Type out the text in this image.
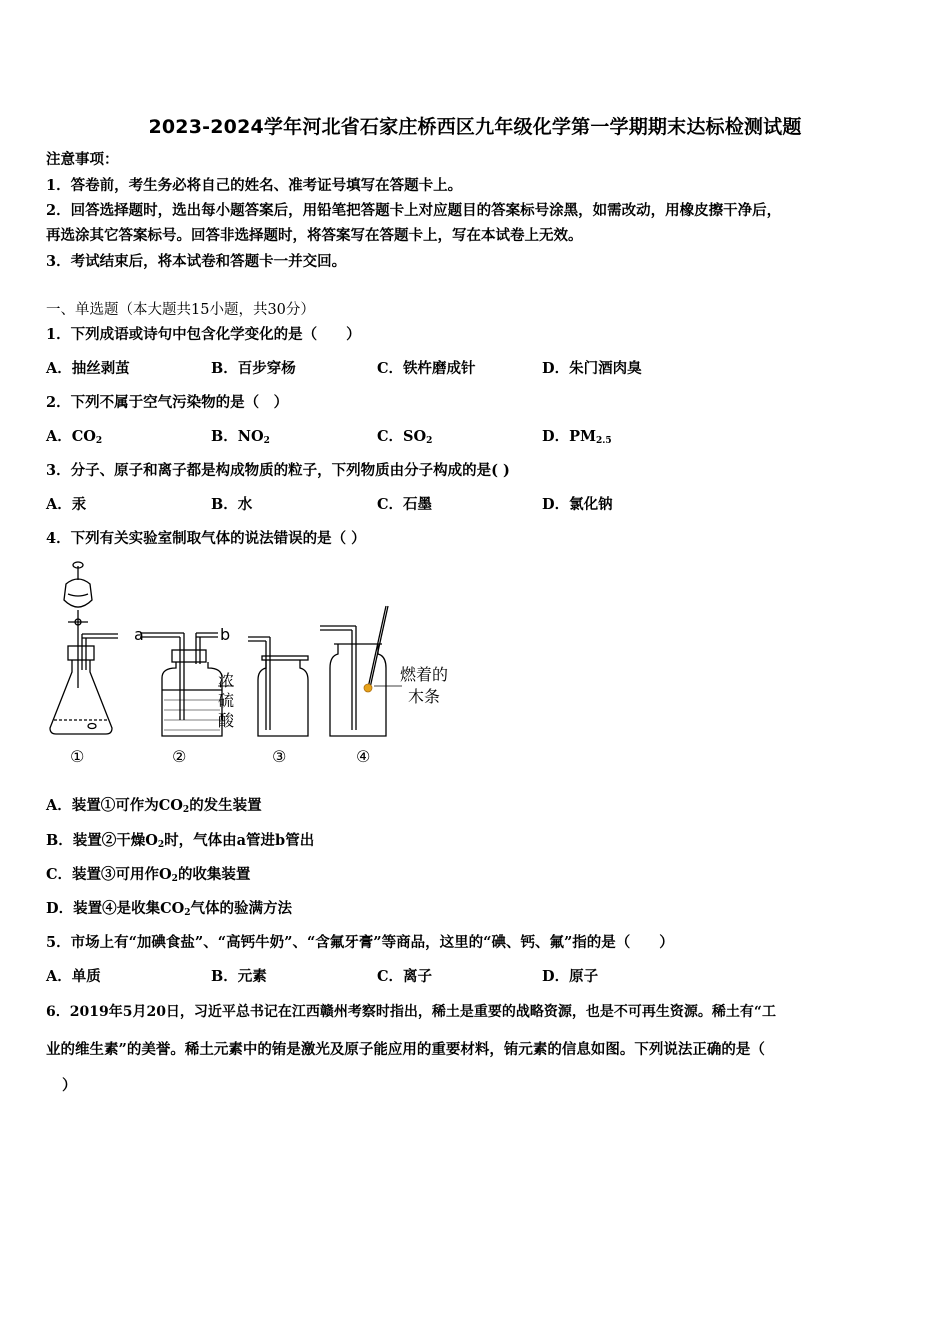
2023-2024学年河北省石家庄桥西区九年级化学第一学期期末达标检测试题
注意事项：
1．答卷前，考生务必将自己的姓名、准考证号填写在答题卡上。
2．回答选择题时，选出每小题答案后，用铅笔把答题卡上对应题目的答案标号涂黑，如需改动，用橡皮擦干净后，
再选涂其它答案标号。回答非选择题时，将答案写在答题卡上，写在本试卷上无效。
3．考试结束后，将本试卷和答题卡一并交回。
一、单选题（本大题共15小题，共30分）
1．下列成语或诗句中包含化学变化的是（　　）
A．抽丝剥茧	B．百步穿杨	C．铁杵磨成针	D．朱门酒肉臭
2．下列不属于空气污染物的是（　）
A．$CO_2$	B．$NO_2$	C．$SO_2$	D．$PM_{2.5}$
3．分子、原子和离子都是构成物质的粒子，下列物质由分子构成的是( )
A．汞	B．水	C．石墨	D．氯化钠
4．下列有关实验室制取气体的说法错误的是（ ）
a	b
浓
硫
酸
燃着的
木条
①	②	③	④
A．装置①可作为$CO_2$的发生装置
B．装置②干燥$O_2$时，气体由a管进b管出
C．装置③可用作$O_2$的收集装置
D．装置④是收集$CO_2$气体的验满方法
5．市场上有“加碘食盐”、“高钙牛奶”、“含氟牙膏”等商品，这里的“碘、钙、氟”指的是（　　）
A．单质	B．元素	C．离子	D．原子
6．2019年5月20日，习近平总书记在江西赣州考察时指出，稀土是重要的战略资源，也是不可再生资源。稀土有“工
业的维生素”的美誉。稀土元素中的铕是激光及原子能应用的重要材料，铕元素的信息如图。下列说法正确的是（
）
